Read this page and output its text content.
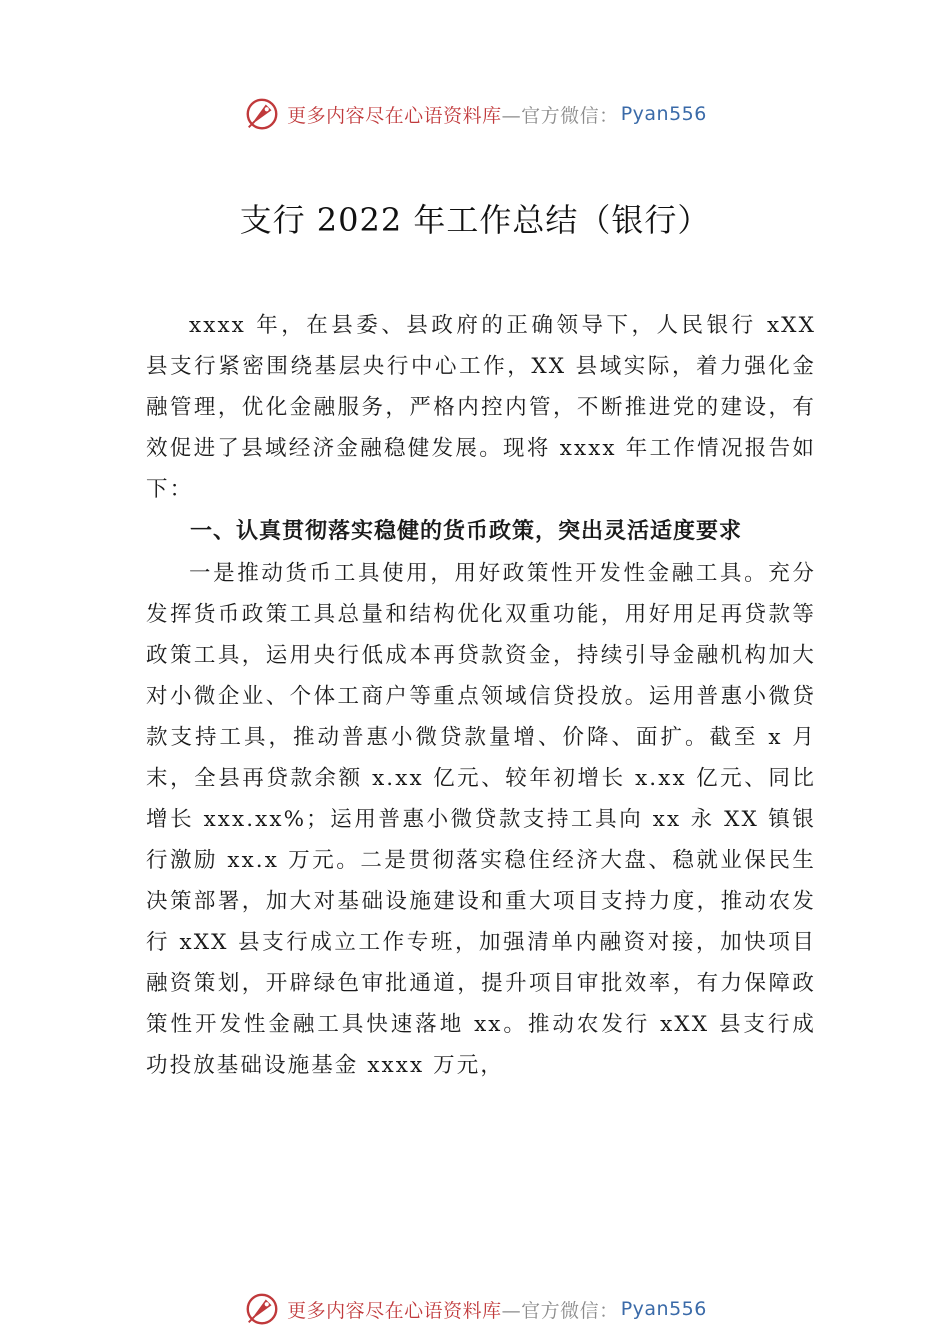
更多内容尽在心语资料库 —官方微信： Pyan556
支行 2022 年工作总结（银行）

xxxx 年，在县委、县政府的正确领导下，人民银行 xXX 县支行紧密围绕基层央行中心工作，XX 县域实际，着力强化金融管理，优化金融服务，严格内控内管，不断推进党的建设，有效促进了县域经济金融稳健发展。现将 xxxx 年工作情况报告如下：

一、认真贯彻落实稳健的货币政策，突出灵活适度要求

一是推动货币工具使用，用好政策性开发性金融工具。充分发挥货币政策工具总量和结构优化双重功能，用好用足再贷款等政策工具，运用央行低成本再贷款资金，持续引导金融机构加大对小微企业、个体工商户等重点领域信贷投放。运用普惠小微贷款支持工具，推动普惠小微贷款量增、价降、面扩。截至 x 月末，全县再贷款余额 x.xx 亿元、较年初增长 x.xx 亿元、同比增长 xxx.xx%；运用普惠小微贷款支持工具向 xx 永 XX 镇银行激励 xx.x 万元。二是贯彻落实稳住经济大盘、稳就业保民生决策部署，加大对基础设施建设和重大项目支持力度，推动农发行 xXX 县支行成立工作专班，加强清单内融资对接，加快项目融资策划，开辟绿色审批通道，提升项目审批效率，有力保障政策性开发性金融工具快速落地 xx。推动农发行 xXX 县支行成功投放基础设施基金 xxxx 万元，

更多内容尽在心语资料库 —官方微信： Pyan556
